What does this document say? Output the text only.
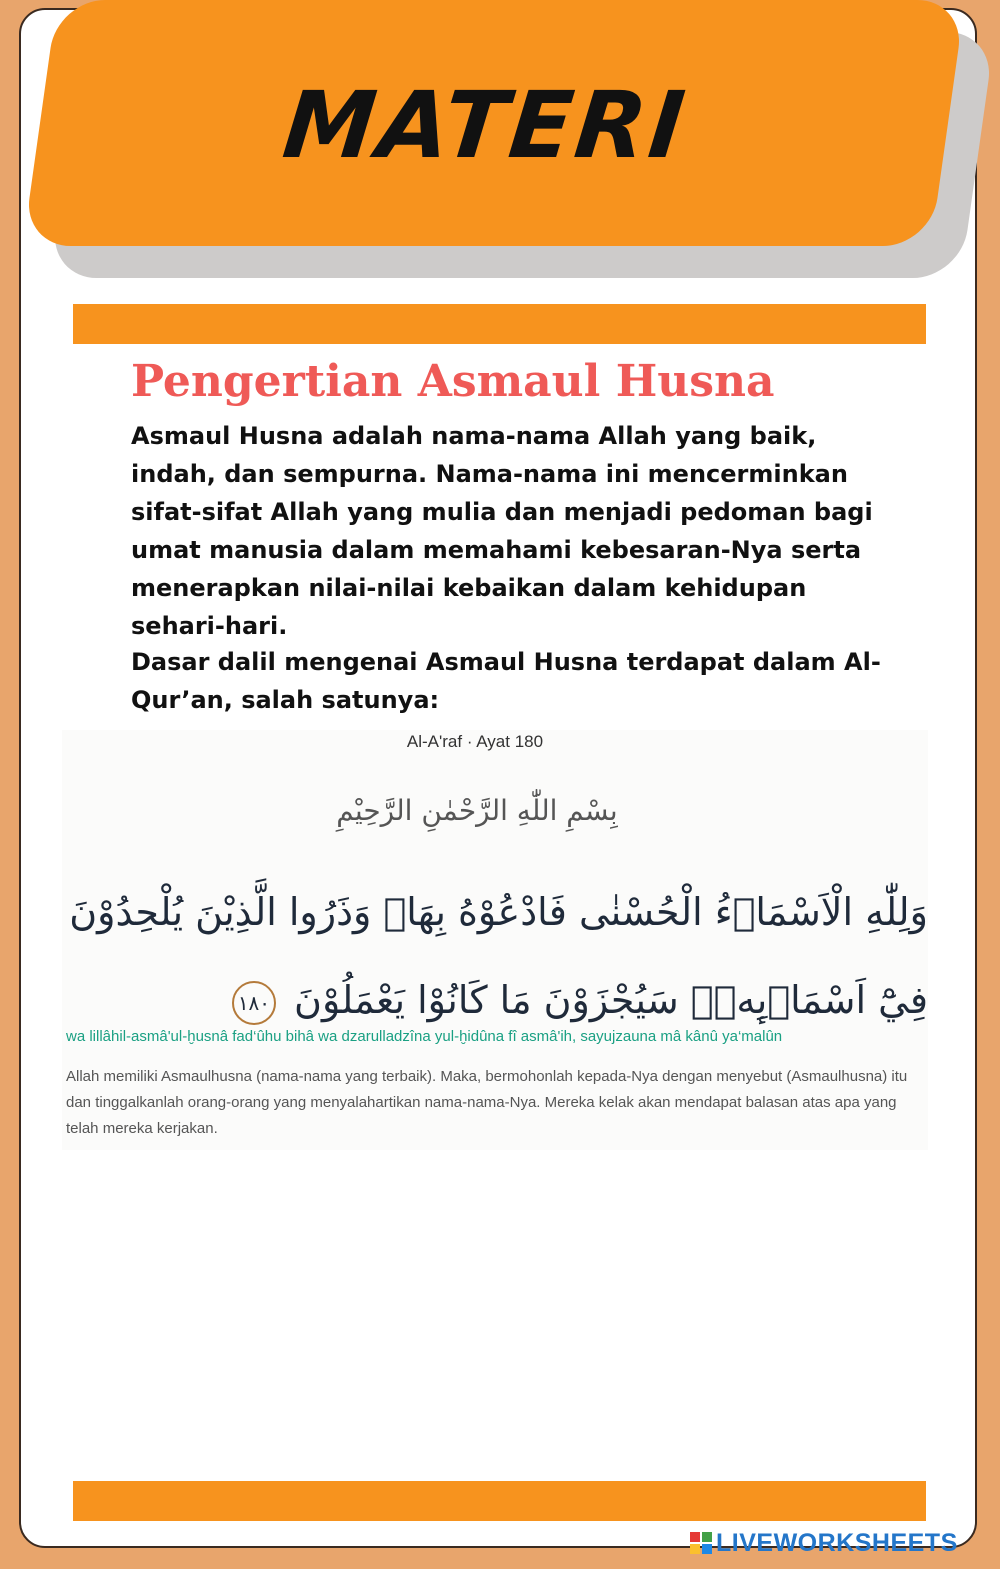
MATERI
Pengertian Asmaul Husna

Asmaul Husna adalah nama-nama Allah yang baik, indah, dan sempurna. Nama-nama ini mencerminkan sifat-sifat Allah yang mulia dan menjadi pedoman bagi umat manusia dalam memahami kebesaran-Nya serta menerapkan nilai-nilai kebaikan dalam kehidupan sehari-hari.

Dasar dalil mengenai Asmaul Husna terdapat dalam Al-Qur’an, salah satunya:

Al-A'raf · Ayat 180

بِسْمِ اللّٰهِ الرَّحْمٰنِ الرَّحِيْمِ

وَلِلّٰهِ الْاَسْمَاۤءُ الْحُسْنٰى فَادْعُوْهُ بِهَاۖ وَذَرُوا الَّذِيْنَ يُلْحِدُوْنَ فِيْٓ اَسْمَاۤىِٕهٖۗ سَيُجْزَوْنَ مَا كَانُوْا يَعْمَلُوْنَ ١٨٠

wa lillâhil-asmâ'ul-ḫusnâ fad‘ûhu bihâ wa dzarulladzîna yul-ḫidûna fî asmâ'ih, sayujzauna mâ kânû ya‘malûn

Allah memiliki Asmaulhusna (nama-nama yang terbaik). Maka, bermohonlah kepada-Nya dengan menyebut (Asmaulhusna) itu dan tinggalkanlah orang-orang yang menyalahartikan nama-nama-Nya. Mereka kelak akan mendapat balasan atas apa yang telah mereka kerjakan.

LIVEWORKSHEETS
